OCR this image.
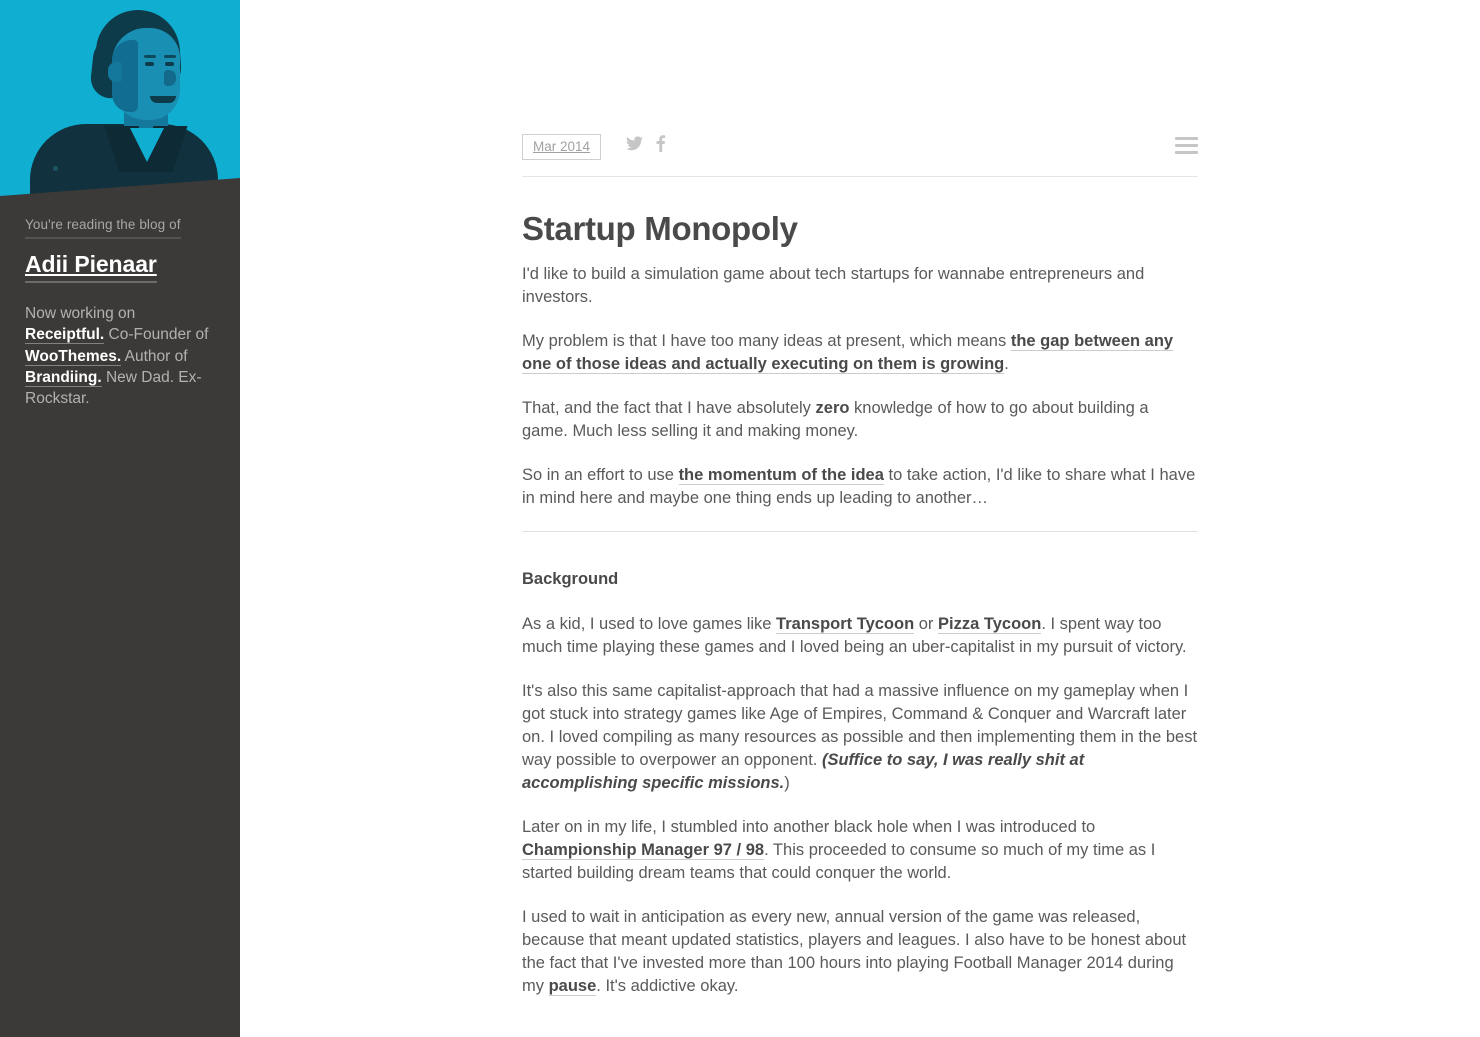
You're reading the blog of
Adii Pienaar

Now working on Receiptful. Co-Founder of WooThemes. Author of Brandiing. New Dad. Ex-Rockstar.

Mar 2014
Startup Monopoly

I'd like to build a simulation game about tech startups for wannabe entrepreneurs and investors.

My problem is that I have too many ideas at present, which means the gap between any one of those ideas and actually executing on them is growing.

That, and the fact that I have absolutely zero knowledge of how to go about building a game. Much less selling it and making money.

So in an effort to use the momentum of the idea to take action, I'd like to share what I have in mind here and maybe one thing ends up leading to another…

Background

As a kid, I used to love games like Transport Tycoon or Pizza Tycoon. I spent way too much time playing these games and I loved being an uber-capitalist in my pursuit of victory.

It's also this same capitalist-approach that had a massive influence on my gameplay when I got stuck into strategy games like Age of Empires, Command & Conquer and Warcraft later on. I loved compiling as many resources as possible and then implementing them in the best way possible to overpower an opponent. (Suffice to say, I was really shit at accomplishing specific missions.)

Later on in my life, I stumbled into another black hole when I was introduced to Championship Manager 97 / 98. This proceeded to consume so much of my time as I started building dream teams that could conquer the world.

I used to wait in anticipation as every new, annual version of the game was released, because that meant updated statistics, players and leagues. I also have to be honest about the fact that I've invested more than 100 hours into playing Football Manager 2014 during my pause. It's addictive okay.
